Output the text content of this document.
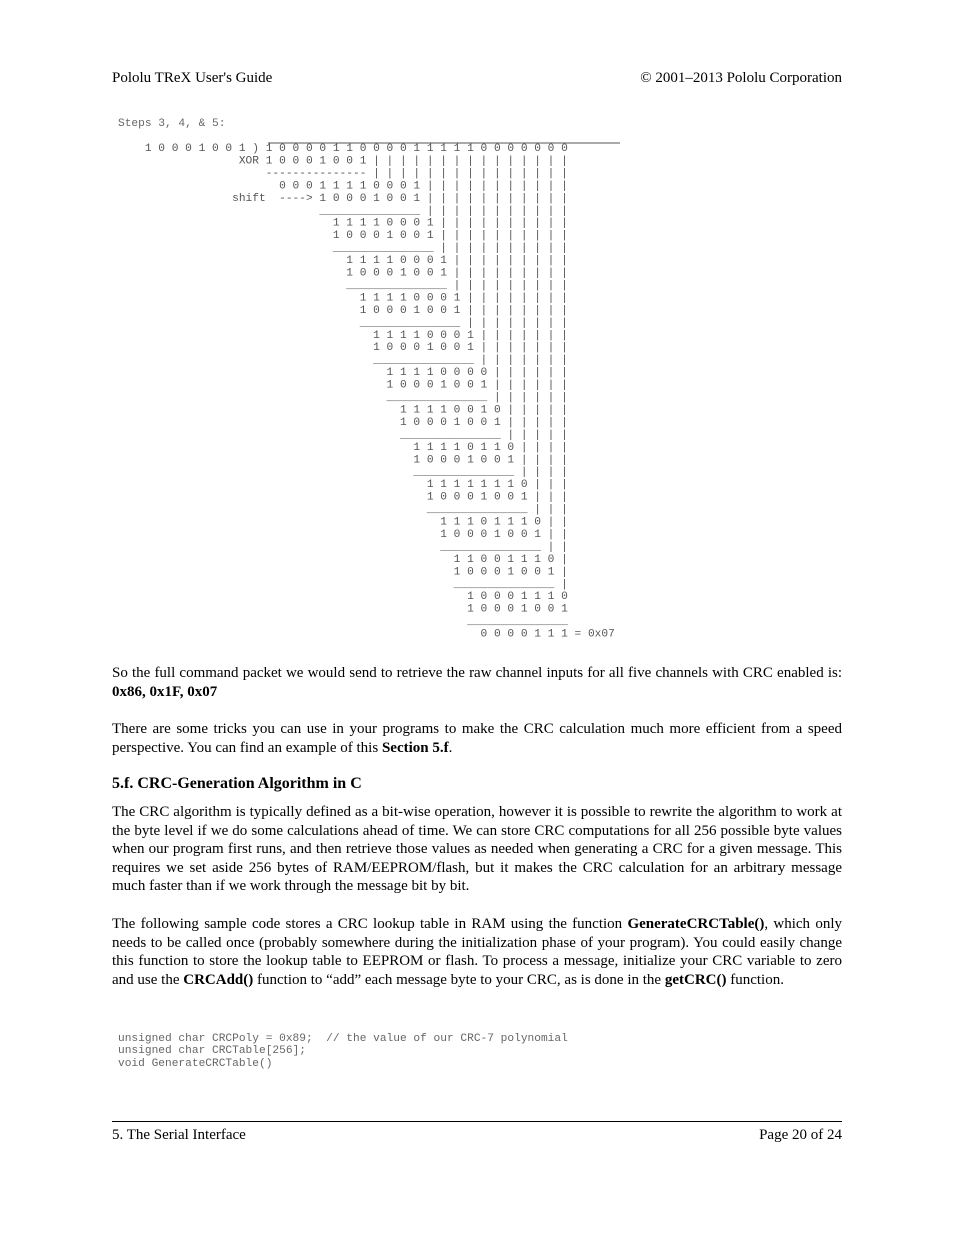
Pololu TReX User's Guide	© 2001–2013 Pololu Corporation
Steps 3, 4, & 5:
1 0 0 0 1 0 0 1 ) 1 0 0 0 0 1 1 0 0 0 0 1 1 1 1 1 0 0 0 0 0 0 0
XOR 1 0 0 0 1 0 0 1 | | | | | | | | | | | | | | |
--------------- | | | | | | | | | | | | | | |
0 0 0 1 1 1 1 0 0 0 1 | | | | | | | | | | |
shift  ----> 1 0 0 0 1 0 0 1 | | | | | | | | | | |
_______________ | | | | | | | | | | |
1 1 1 1 0 0 0 1 | | | | | | | | | |
1 0 0 0 1 0 0 1 | | | | | | | | | |
_______________ | | | | | | | | | |
1 1 1 1 0 0 0 1 | | | | | | | | |
1 0 0 0 1 0 0 1 | | | | | | | | |
_______________ | | | | | | | | |
1 1 1 1 0 0 0 1 | | | | | | | |
1 0 0 0 1 0 0 1 | | | | | | | |
_______________ | | | | | | | |
1 1 1 1 0 0 0 1 | | | | | | |
1 0 0 0 1 0 0 1 | | | | | | |
_______________ | | | | | | |
1 1 1 1 0 0 0 0 | | | | | |
1 0 0 0 1 0 0 1 | | | | | |
_______________ | | | | | |
1 1 1 1 0 0 1 0 | | | | |
1 0 0 0 1 0 0 1 | | | | |
_______________ | | | | |
1 1 1 1 0 1 1 0 | | | |
1 0 0 0 1 0 0 1 | | | |
_______________ | | | |
1 1 1 1 1 1 1 0 | | |
1 0 0 0 1 0 0 1 | | |
_______________ | | |
1 1 1 0 1 1 1 0 | |
1 0 0 0 1 0 0 1 | |
_______________ | |
1 1 0 0 1 1 1 0 |
1 0 0 0 1 0 0 1 |
_______________ |
1 0 0 0 1 1 1 0
1 0 0 0 1 0 0 1
_______________
0 0 0 0 1 1 1 = 0x07
So the full command packet we would send to retrieve the raw channel inputs for all five channels with CRC enabled is: 0x86, 0x1F, 0x07
There are some tricks you can use in your programs to make the CRC calculation much more efficient from a speed perspective. You can find an example of this Section 5.f.
5.f. CRC-Generation Algorithm in C
The CRC algorithm is typically defined as a bit-wise operation, however it is possible to rewrite the algorithm to work at the byte level if we do some calculations ahead of time. We can store CRC computations for all 256 possible byte values when our program first runs, and then retrieve those values as needed when generating a CRC for a given message. This requires we set aside 256 bytes of RAM/EEPROM/flash, but it makes the CRC calculation for an arbitrary message much faster than if we work through the message bit by bit.
The following sample code stores a CRC lookup table in RAM using the function GenerateCRCTable(), which only needs to be called once (probably somewhere during the initialization phase of your program). You could easily change this function to store the lookup table to EEPROM or flash. To process a message, initialize your CRC variable to zero and use the CRCAdd() function to “add” each message byte to your CRC, as is done in the getCRC() function.
unsigned char CRCPoly = 0x89;  // the value of our CRC-7 polynomial
unsigned char CRCTable[256];
void GenerateCRCTable()
5. The Serial Interface	Page 20 of 24
